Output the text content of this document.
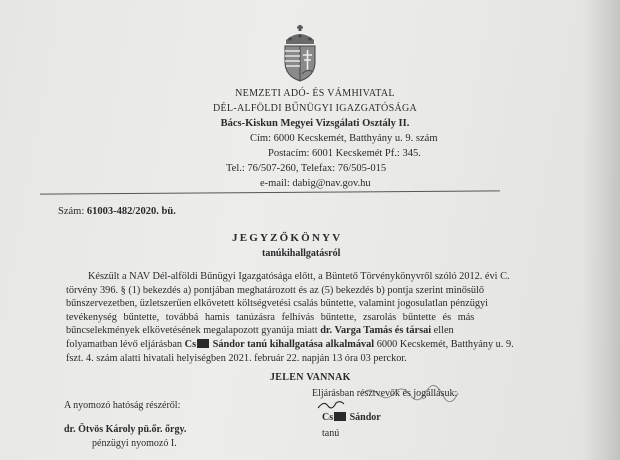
NEMZETI ADÓ- ÉS VÁMHIVATAL
DÉL-ALFÖLDI BŰNÜGYI IGAZGATÓSÁGA
Bács-Kiskun Megyei Vizsgálati Osztály II.
Cím: 6000 Kecskemét, Batthyány u. 9. szám
Postacím: 6001 Kecskemét Pf.: 345.
Tel.: 76/507-260, Telefax: 76/505-015
e-mail: dabig@nav.gov.hu
Szám: 61003-482/2020. bü.
JEGYZŐKÖNYV
tanúkihallgatásról
Készült a NAV Dél-alföldi Bűnügyi Igazgatósága előtt, a Büntető Törvénykönyvről szóló 2012. évi C.
törvény 396. § (1) bekezdés a) pontjában meghatározott és az (5) bekezdés b) pontja szerint minősülő
bűnszervezetben, üzletszerűen elkövetett költségvetési csalás bűntette, valamint jogosulatlan pénzügyi
tevékenység bűntette, továbbá hamis tanúzásra felhívás bűntette, zsarolás bűntette és más
bűncselekmények elkövetésének megalapozott gyanúja miatt dr. Varga Tamás és társai ellen
folyamatban lévő eljárásban Cs Sándor tanú kihallgatása alkalmával 6000 Kecskemét, Batthyány u. 9.
fszt. 4. szám alatti hivatali helyiségben 2021. február 22. napján 13 óra 03 perckor.
JELEN VANNAK
A nyomozó hatóság részéről:
Eljárásban résztvevők és jogállásuk:
dr. Ötvös Károly pü.őr. őrgy.
pénzügyi nyomozó I.
Cs Sándor
tanú
